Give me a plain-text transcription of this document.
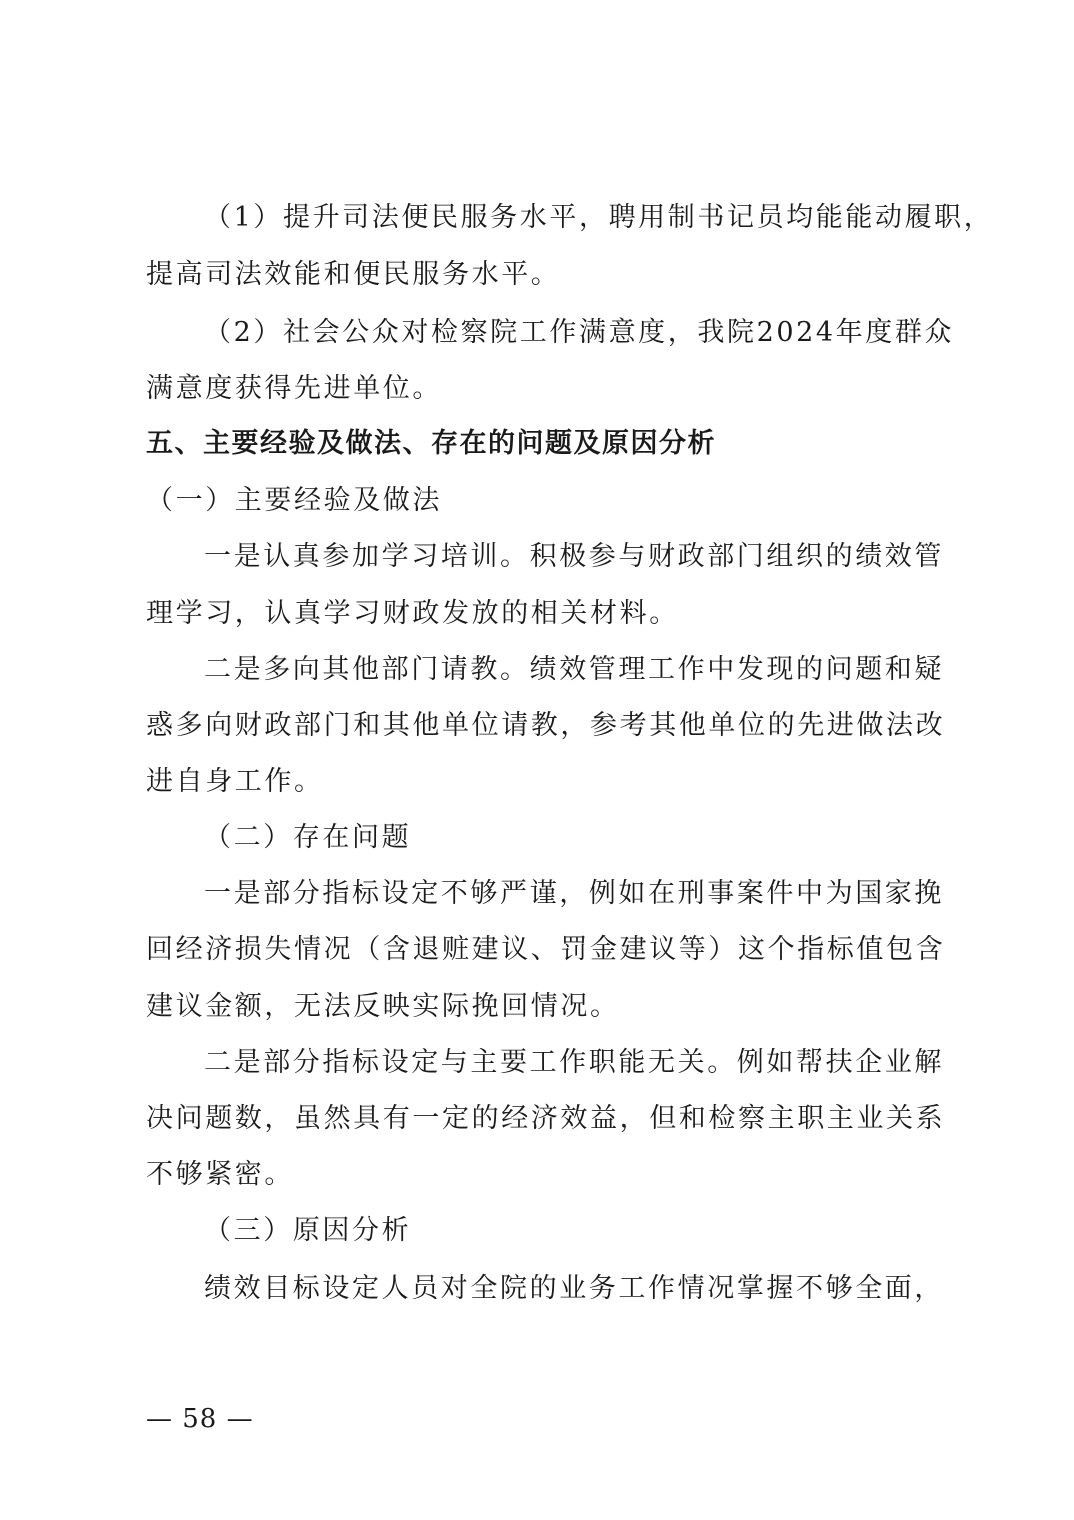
（1）提升司法便民服务水平，聘用制书记员均能能动履职，
提高司法效能和便民服务水平。
（2）社会公众对检察院工作满意度，我院2024年度群众
满意度获得先进单位。
五、主要经验及做法、存在的问题及原因分析
（一）主要经验及做法
一是认真参加学习培训。积极参与财政部门组织的绩效管
理学习，认真学习财政发放的相关材料。
二是多向其他部门请教。绩效管理工作中发现的问题和疑
惑多向财政部门和其他单位请教，参考其他单位的先进做法改
进自身工作。
（二）存在问题
一是部分指标设定不够严谨，例如在刑事案件中为国家挽
回经济损失情况（含退赃建议、罚金建议等）这个指标值包含
建议金额，无法反映实际挽回情况。
二是部分指标设定与主要工作职能无关。例如帮扶企业解
决问题数，虽然具有一定的经济效益，但和检察主职主业关系
不够紧密。
（三）原因分析
绩效目标设定人员对全院的业务工作情况掌握不够全面，
— 58 —
